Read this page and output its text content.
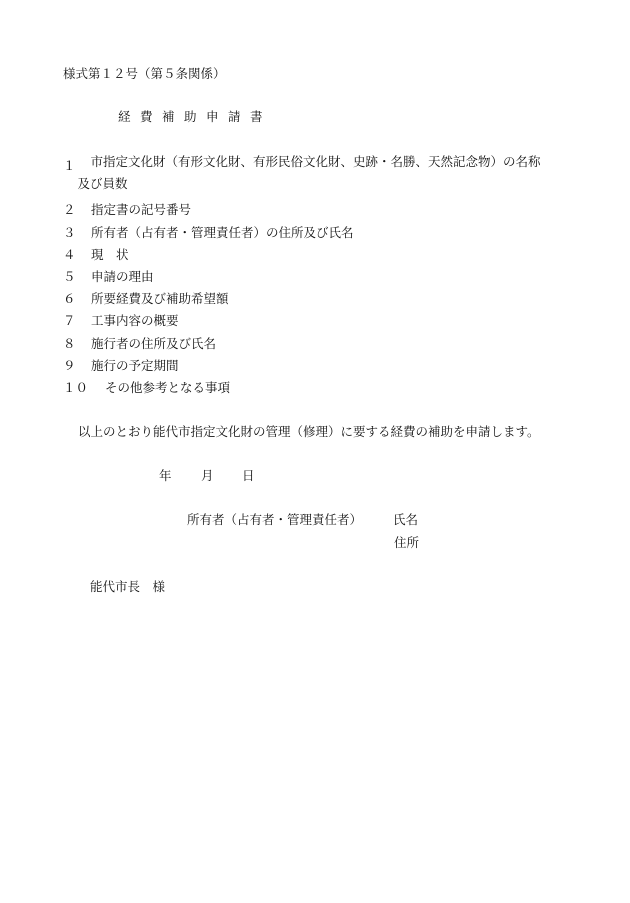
様式第１２号（第５条関係）
経費補助申請書
１	市指定文化財（有形文化財、有形民俗文化財、史跡・名勝、天然記念物）の名称
及び員数
２	指定書の記号番号
３	所有者（占有者・管理責任者）の住所及び氏名
４	現　状
５	申請の理由
６	所要経費及び補助希望額
７	工事内容の概要
８	施行者の住所及び氏名
９	施行の予定期間
１０	その他参考となる事項
以上のとおり能代市指定文化財の管理（修理）に要する経費の補助を申請します。
年 月 日
所有者（占有者・管理責任者） 氏名
住所
能代市長　様
